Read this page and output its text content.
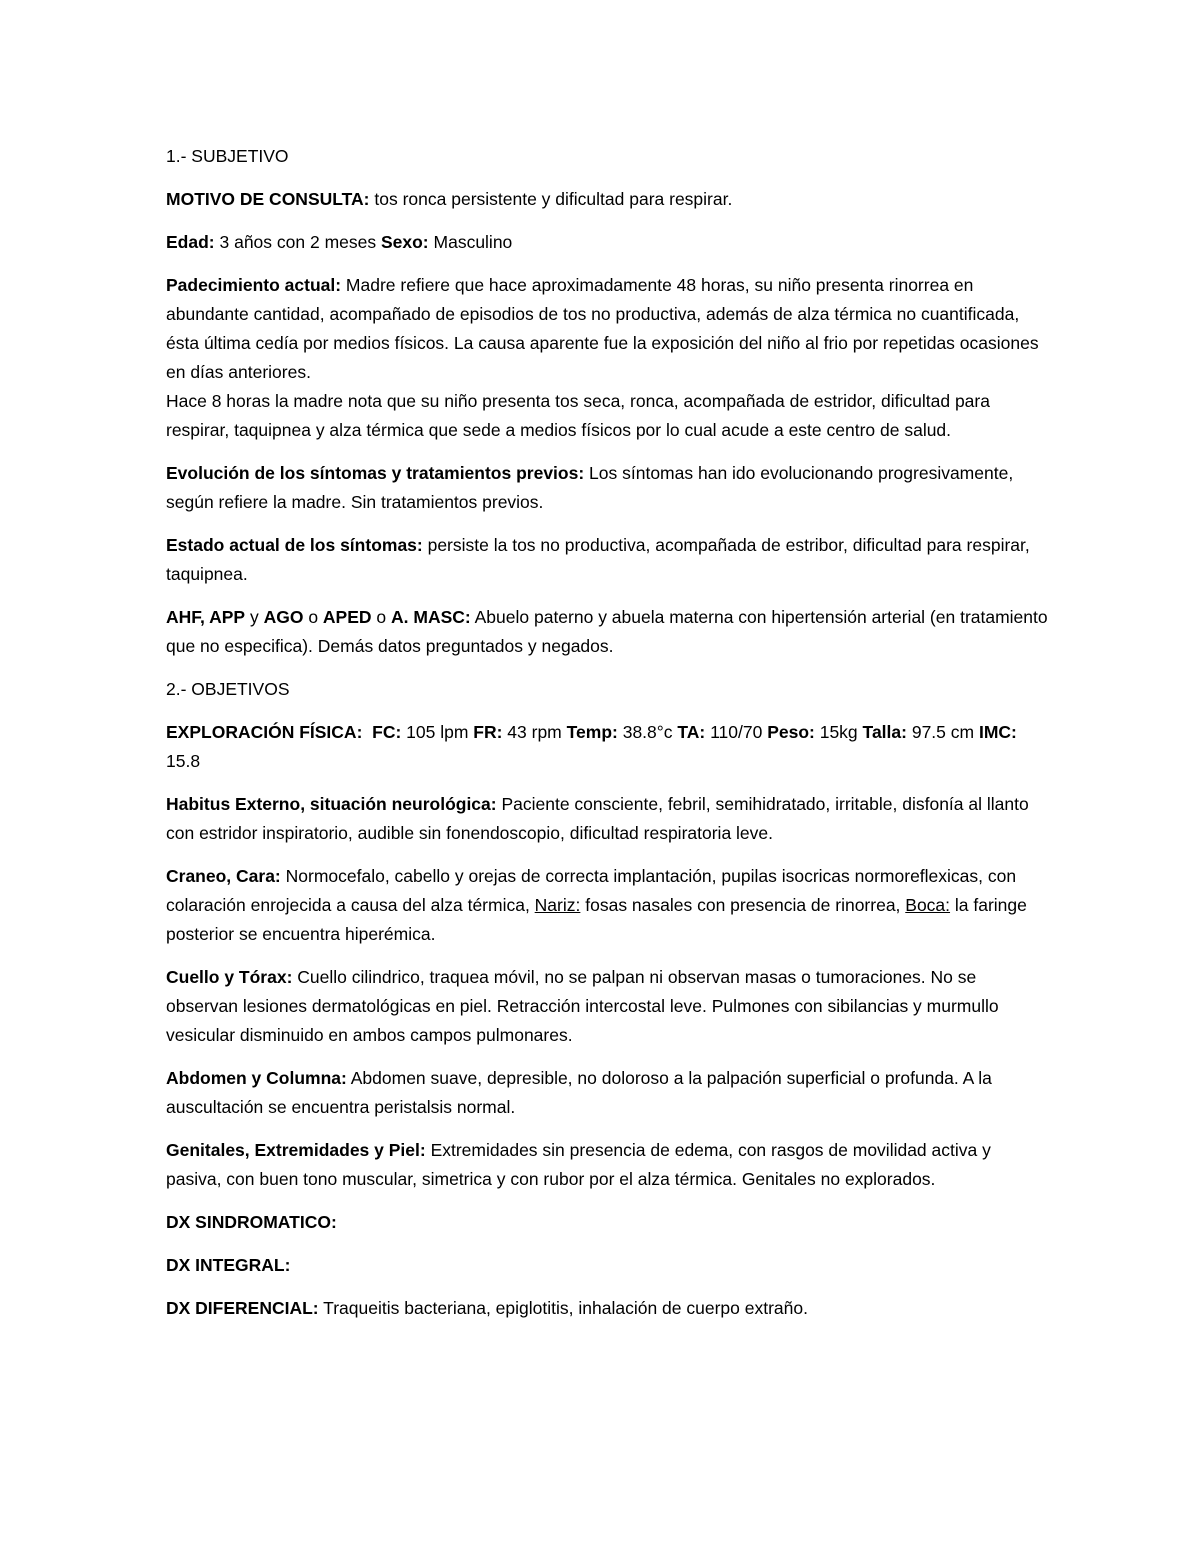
1.- SUBJETIVO

MOTIVO DE CONSULTA: tos ronca persistente y dificultad para respirar.

Edad: 3 años con 2 meses Sexo: Masculino

Padecimiento actual: Madre refiere que hace aproximadamente 48 horas, su niño presenta rinorrea en abundante cantidad, acompañado de episodios de tos no productiva, además de alza térmica no cuantificada, ésta última cedía por medios físicos. La causa aparente fue la exposición del niño al frio por repetidas ocasiones en días anteriores.
Hace 8 horas la madre nota que su niño presenta tos seca, ronca, acompañada de estridor, dificultad para respirar, taquipnea y alza térmica que sede a medios físicos por lo cual acude a este centro de salud.

Evolución de los síntomas y tratamientos previos: Los síntomas han ido evolucionando progresivamente, según refiere la madre. Sin tratamientos previos.

Estado actual de los síntomas: persiste la tos no productiva, acompañada de estribor, dificultad para respirar, taquipnea.

AHF, APP y AGO o APED o A. MASC: Abuelo paterno y abuela materna con hipertensión arterial (en tratamiento que no especifica). Demás datos preguntados y negados.

2.- OBJETIVOS

EXPLORACIÓN FÍSICA: FC: 105 lpm FR: 43 rpm Temp: 38.8°c TA: 110/70 Peso: 15kg Talla: 97.5 cm IMC: 15.8

Habitus Externo, situación neurológica: Paciente consciente, febril, semihidratado, irritable, disfonía al llanto con estridor inspiratorio, audible sin fonendoscopio, dificultad respiratoria leve.

Craneo, Cara: Normocefalo, cabello y orejas de correcta implantación, pupilas isocricas normoreflexicas, con colaración enrojecida a causa del alza térmica, Nariz: fosas nasales con presencia de rinorrea, Boca: la faringe posterior se encuentra hiperémica.

Cuello y Tórax: Cuello cilindrico, traquea móvil, no se palpan ni observan masas o tumoraciones. No se observan lesiones dermatológicas en piel. Retracción intercostal leve. Pulmones con sibilancias y murmullo vesicular disminuido en ambos campos pulmonares.

Abdomen y Columna: Abdomen suave, depresible, no doloroso a la palpación superficial o profunda. A la auscultación se encuentra peristalsis normal.

Genitales, Extremidades y Piel: Extremidades sin presencia de edema, con rasgos de movilidad activa y pasiva, con buen tono muscular, simetrica y con rubor por el alza térmica. Genitales no explorados.

DX SINDROMATICO:

DX INTEGRAL:

DX DIFERENCIAL: Traqueitis bacteriana, epiglotitis, inhalación de cuerpo extraño.
